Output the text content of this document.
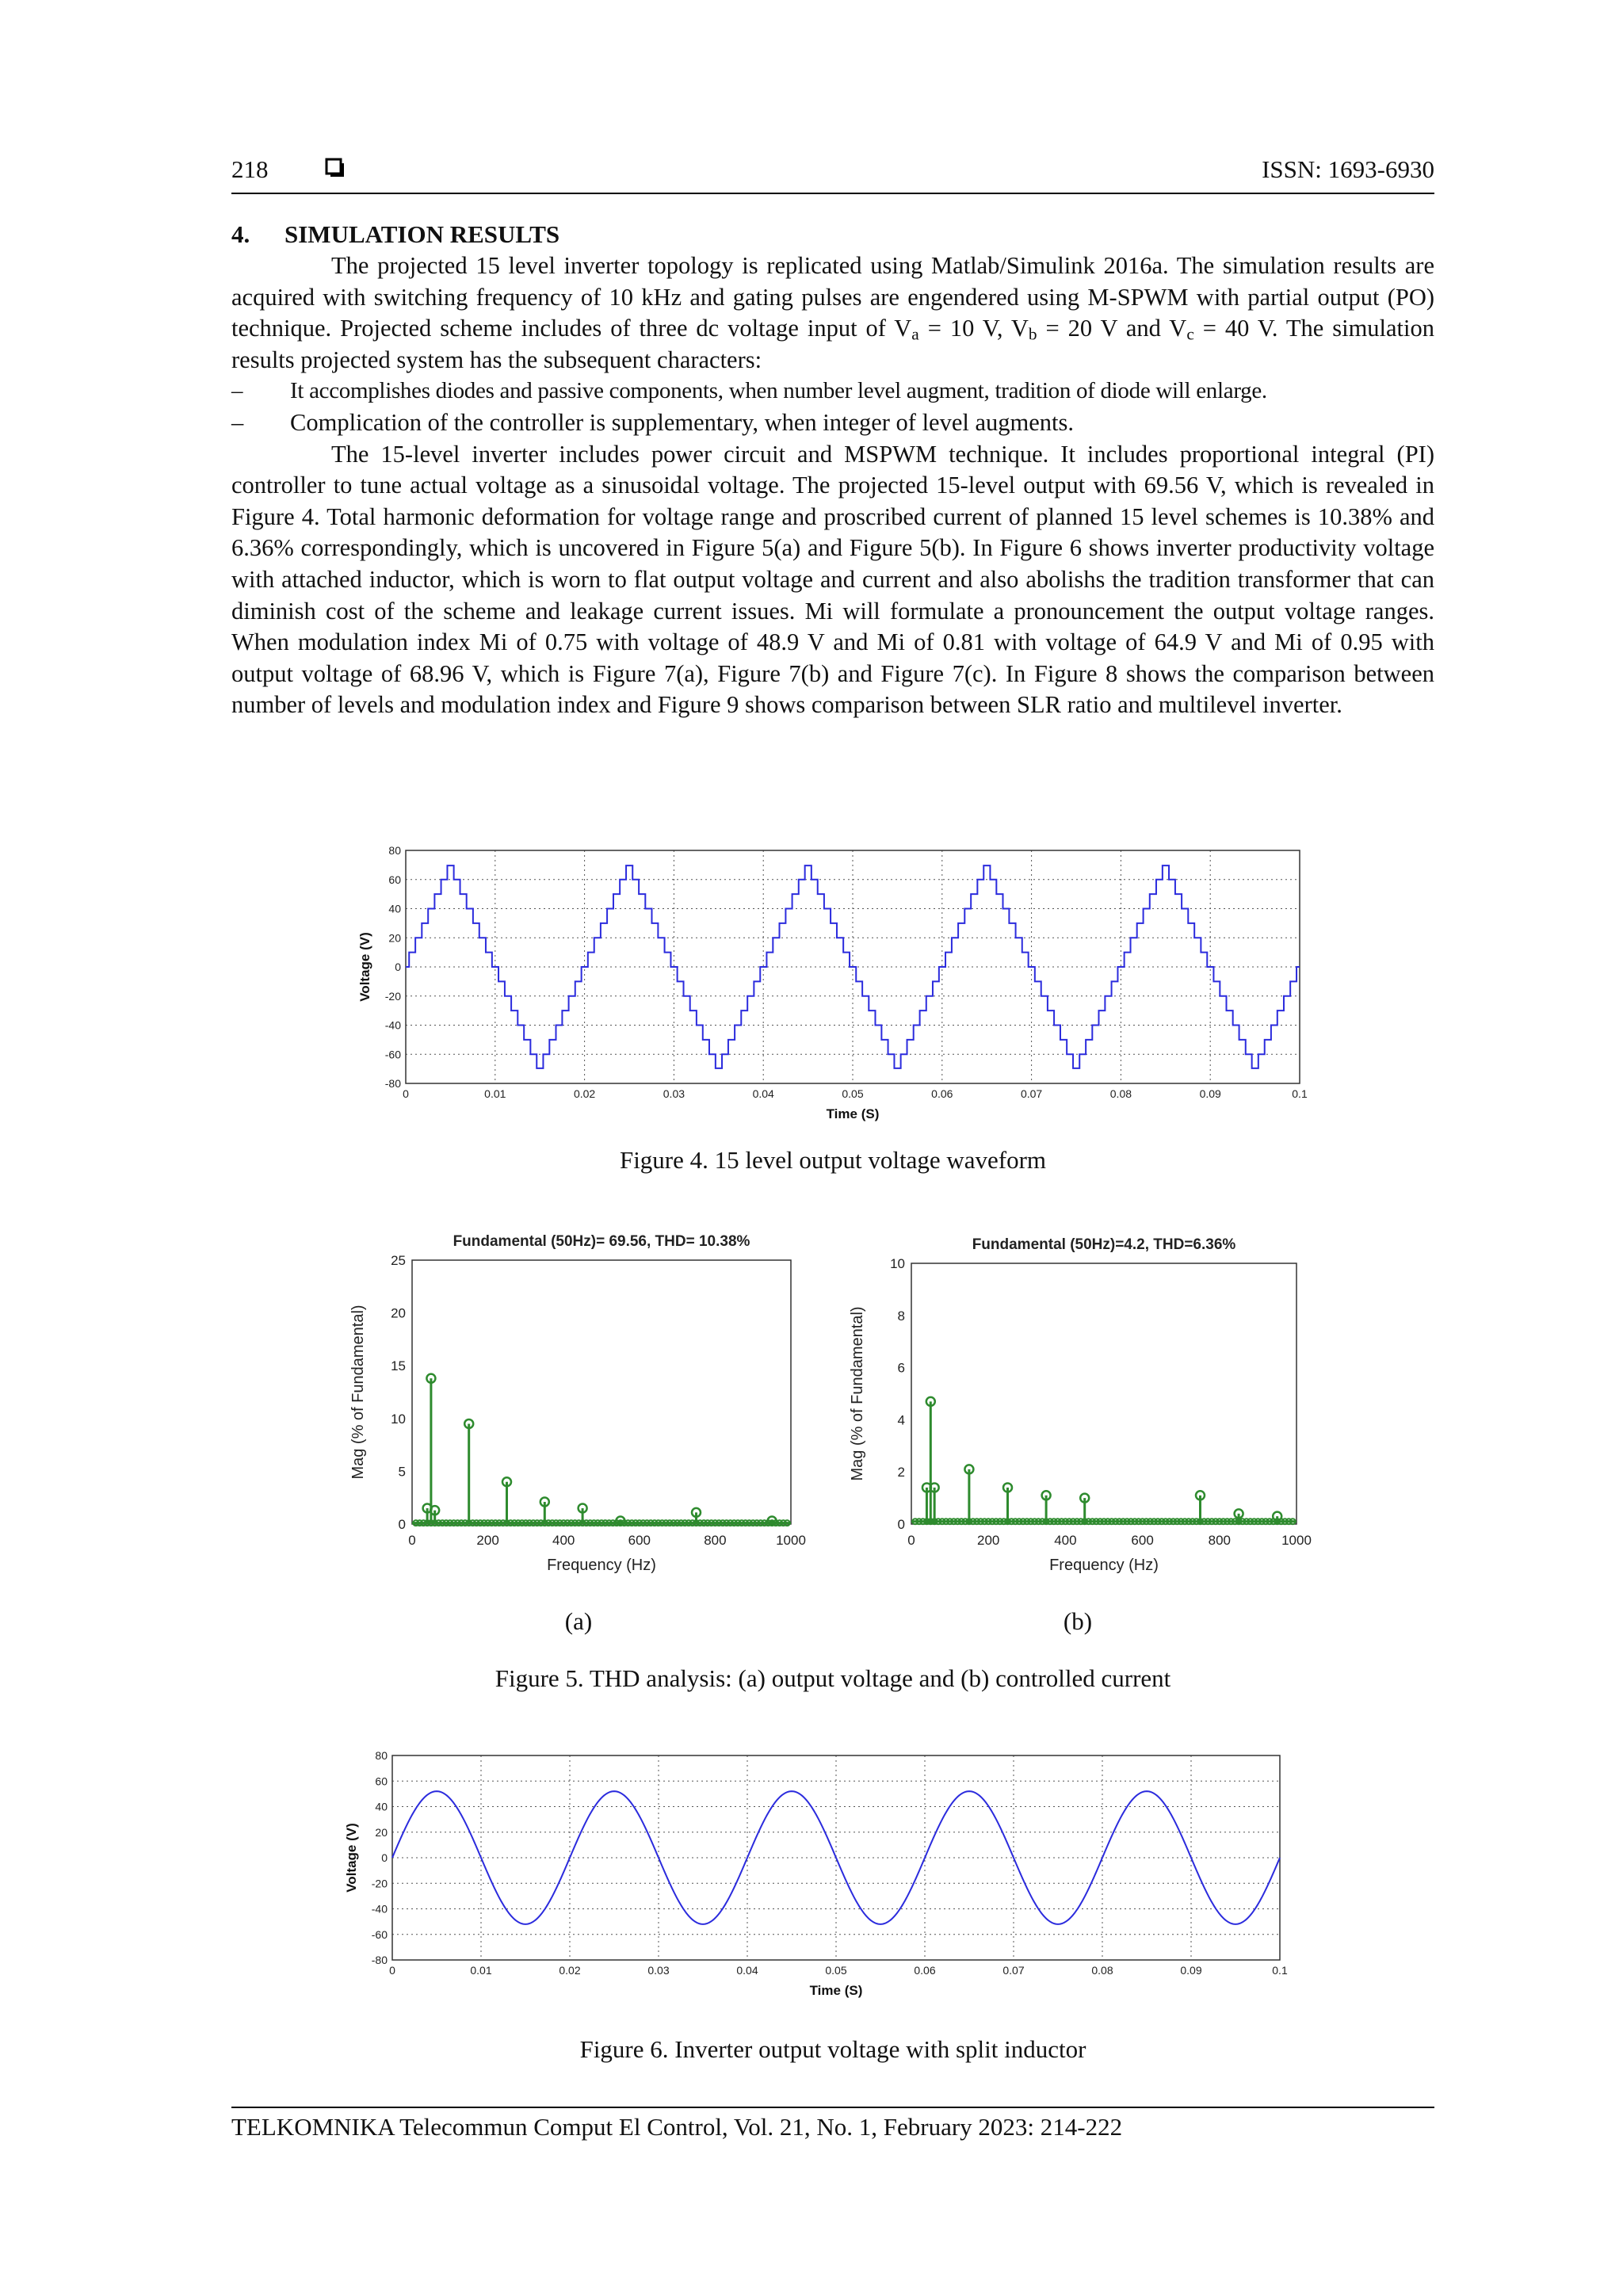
218	ISSN: 1693-6930
4. SIMULATION RESULTS

The projected 15 level inverter topology is replicated using Matlab/Simulink 2016a. The simulation results are acquired with switching frequency of 10 kHz and gating pulses are engendered using M-SPWM with partial output (PO) technique. Projected scheme includes of three dc voltage input of $V_a = 10$ V, $V_b = 20$ V and $V_c = 40$ V. The simulation results projected system has the subsequent characters:

– It accomplishes diodes and passive components, when number level augment, tradition of diode will enlarge.

– Complication of the controller is supplementary, when integer of level augments.

The 15-level inverter includes power circuit and MSPWM technique. It includes proportional integral (PI) controller to tune actual voltage as a sinusoidal voltage. The projected 15-level output with 69.56 V, which is revealed in Figure 4. Total harmonic deformation for voltage range and proscribed current of planned 15 level schemes is 10.38% and 6.36% correspondingly, which is uncovered in Figure 5(a) and Figure 5(b). In Figure 6 shows inverter productivity voltage with attached inductor, which is worn to flat output voltage and current and also abolishs the tradition transformer that can diminish cost of the scheme and leakage current issues. Mi will formulate a pronouncement the output voltage ranges. When modulation index Mi of 0.75 with voltage of 48.9 V and Mi of 0.81 with voltage of 64.9 V and Mi of 0.95 with output voltage of 68.96 V, which is Figure 7(a), Figure 7(b) and Figure 7(c). In Figure 8 shows the comparison between number of levels and modulation index and Figure 9 shows comparison between SLR ratio and multilevel inverter.

0	0.01	0.02	0.03	0.04	0.05	0.06	0.07	0.08	0.09	0.1
80
60
40
20
0
-20
-40
-60
-80
Time (S)
Voltage (V)
Figure 4. 15 level output voltage waveform
Fundamental (50Hz)= 69.56, THD= 10.38%
0	200	400	600	800	1000
25
20
15
10
5
0
Frequency (Hz)
Mag (% of Fundamental)
Fundamental (50Hz)=4.2, THD=6.36%
0	200	400	600	800	1000
10
8
6
4
2
0
Frequency (Hz)
Mag (% of Fundamental)
(a)	(b)
Figure 5. THD analysis: (a) output voltage and (b) controlled current
0	0.01	0.02	0.03	0.04	0.05	0.06	0.07	0.08	0.09	0.1
80
60
40
20
0
-20
-40
-60
-80
Time (S)
Voltage (V)
Figure 6. Inverter output voltage with split inductor
TELKOMNIKA Telecommun Comput El Control, Vol. 21, No. 1, February 2023: 214-222
